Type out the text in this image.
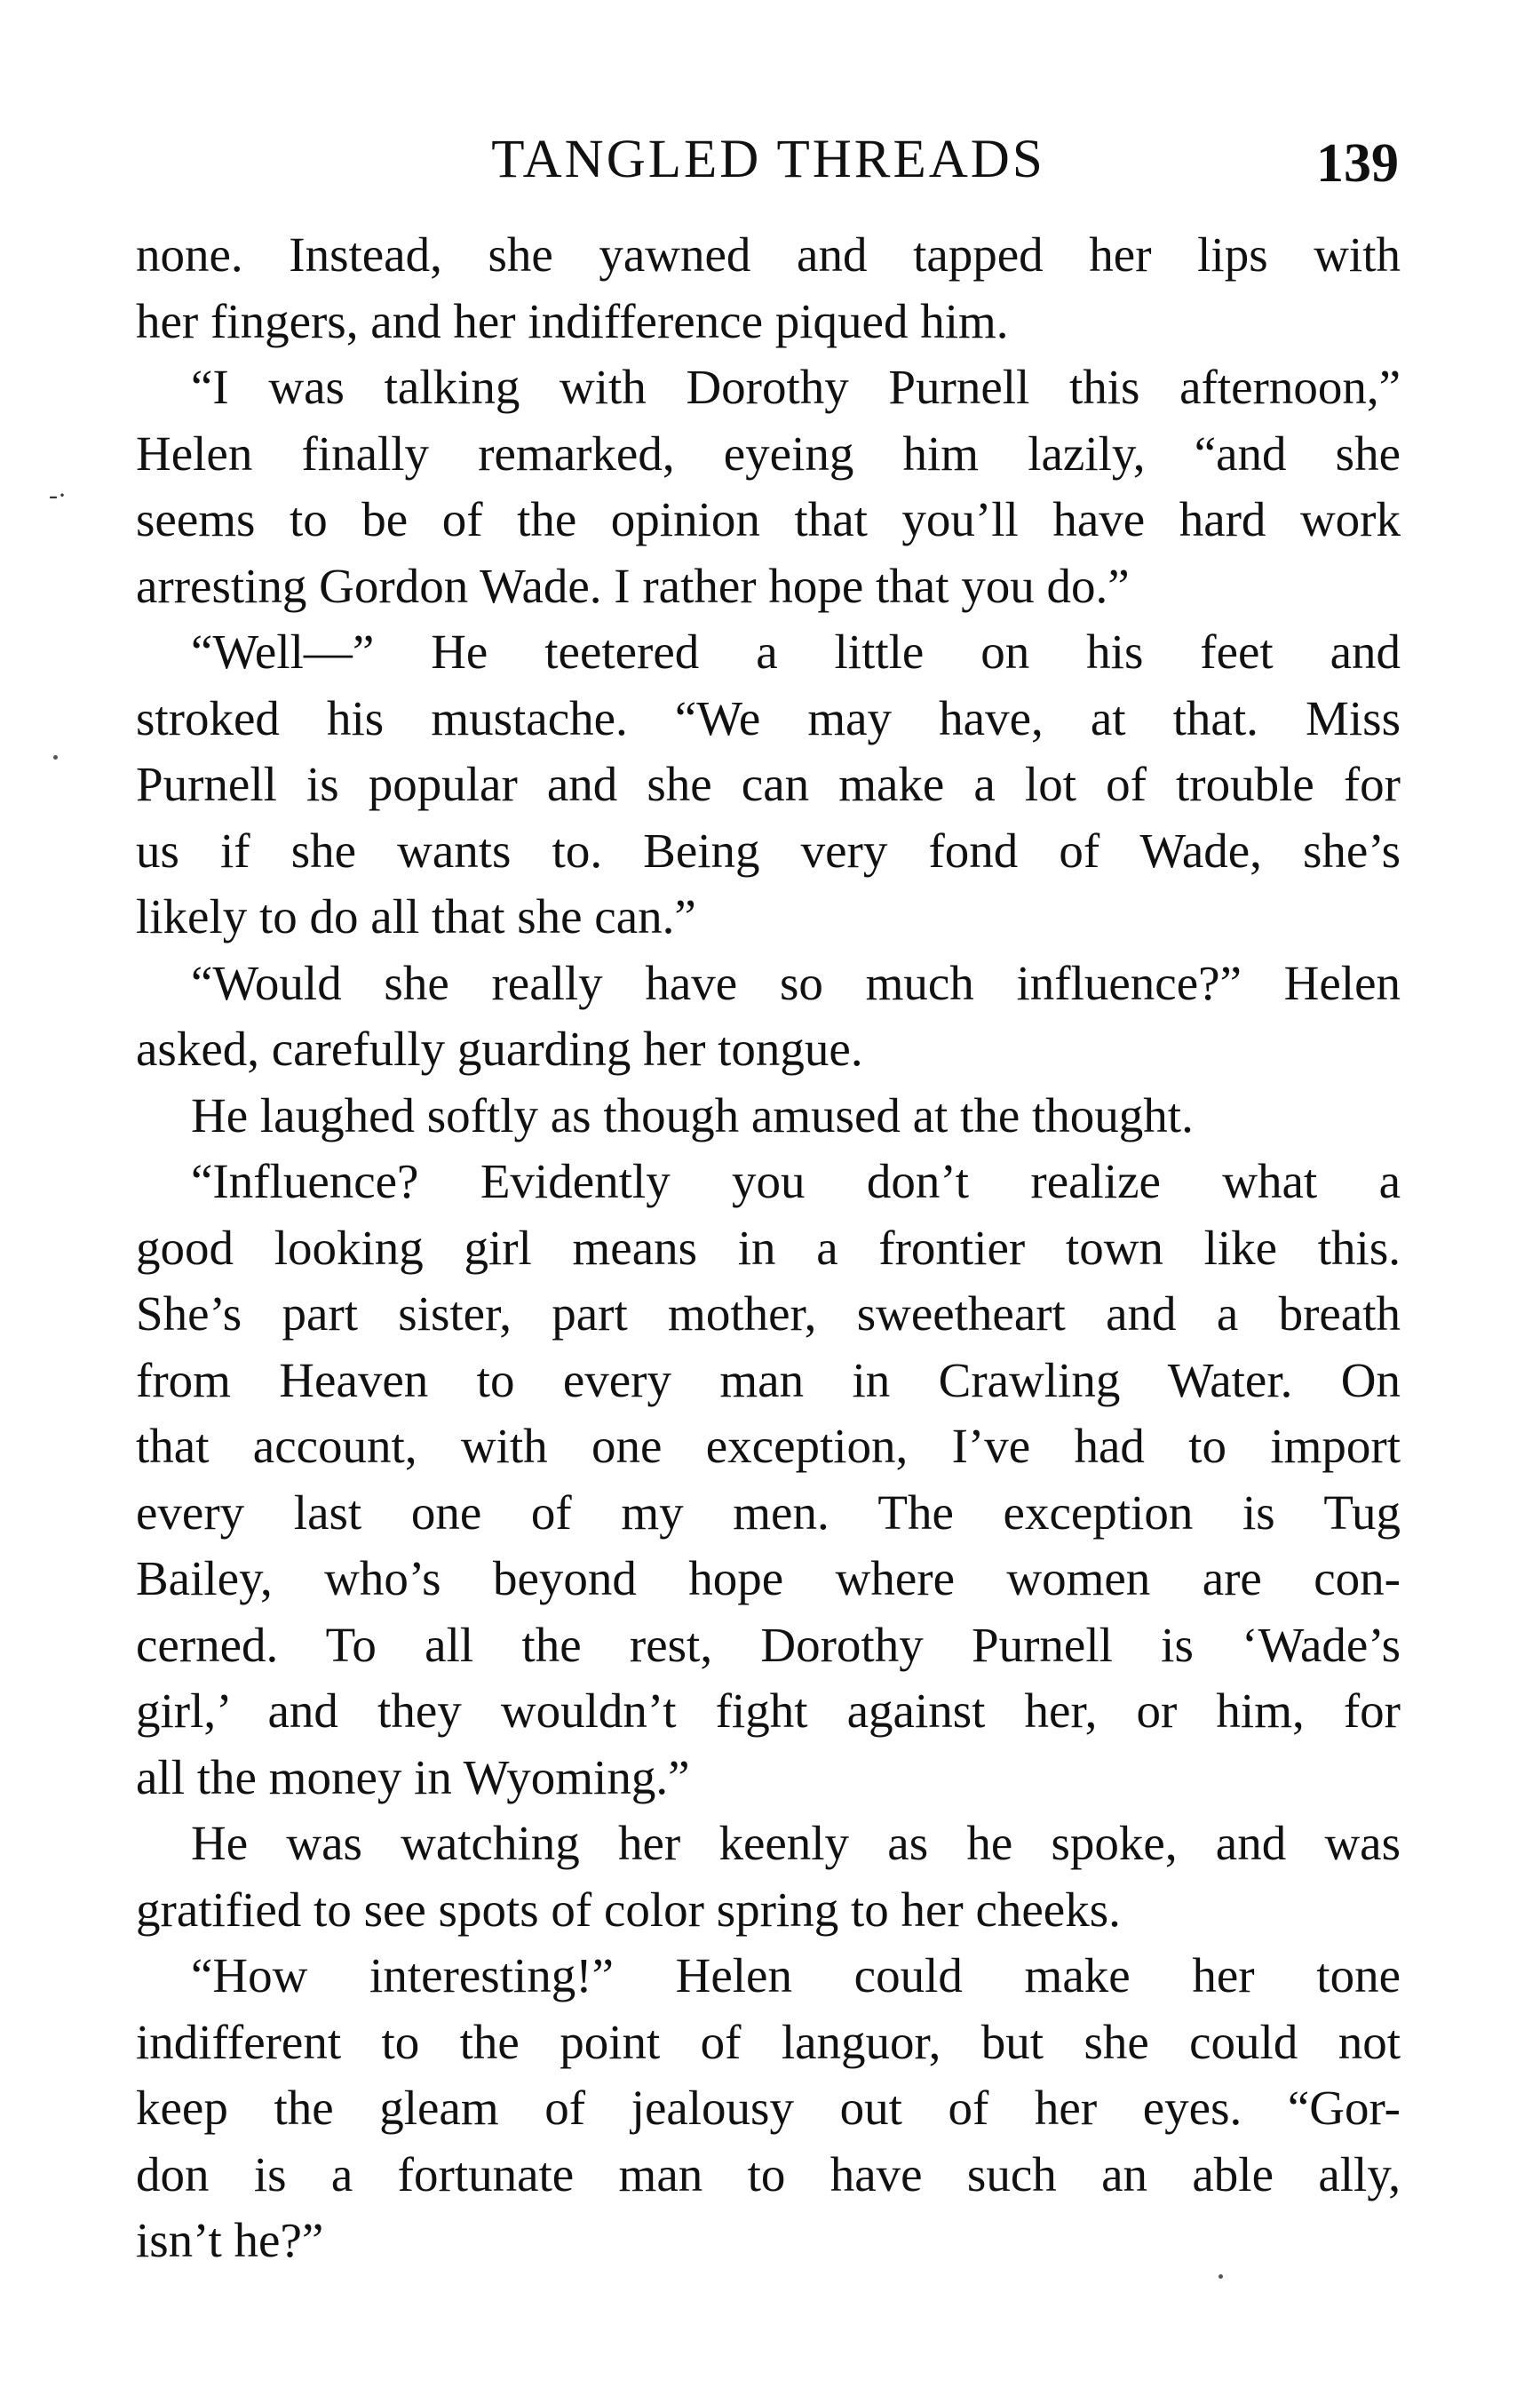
TANGLED THREADS	139
-·
none. Instead, she yawned and tapped her lips with
her fingers, and her indifference piqued him.
“I was talking with Dorothy Purnell this afternoon,”
Helen finally remarked, eyeing him lazily, “and she
seems to be of the opinion that you’ll have hard work
arresting Gordon Wade. I rather hope that you do.”
“Well—” He teetered a little on his feet and
stroked his mustache. “We may have, at that. Miss
Purnell is popular and she can make a lot of trouble for
us if she wants to. Being very fond of Wade, she’s
likely to do all that she can.”
“Would she really have so much influence?” Helen
asked, carefully guarding her tongue.
He laughed softly as though amused at the thought.
“Influence? Evidently you don’t realize what a
good looking girl means in a frontier town like this.
She’s part sister, part mother, sweetheart and a breath
from Heaven to every man in Crawling Water. On
that account, with one exception, I’ve had to import
every last one of my men. The exception is Tug
Bailey, who’s beyond hope where women are con-
cerned. To all the rest, Dorothy Purnell is ‘Wade’s
girl,’ and they wouldn’t fight against her, or him, for
all the money in Wyoming.”
He was watching her keenly as he spoke, and was
gratified to see spots of color spring to her cheeks.
“How interesting!” Helen could make her tone
indifferent to the point of languor, but she could not
keep the gleam of jealousy out of her eyes. “Gor-
don is a fortunate man to have such an able ally,
isn’t he?”
